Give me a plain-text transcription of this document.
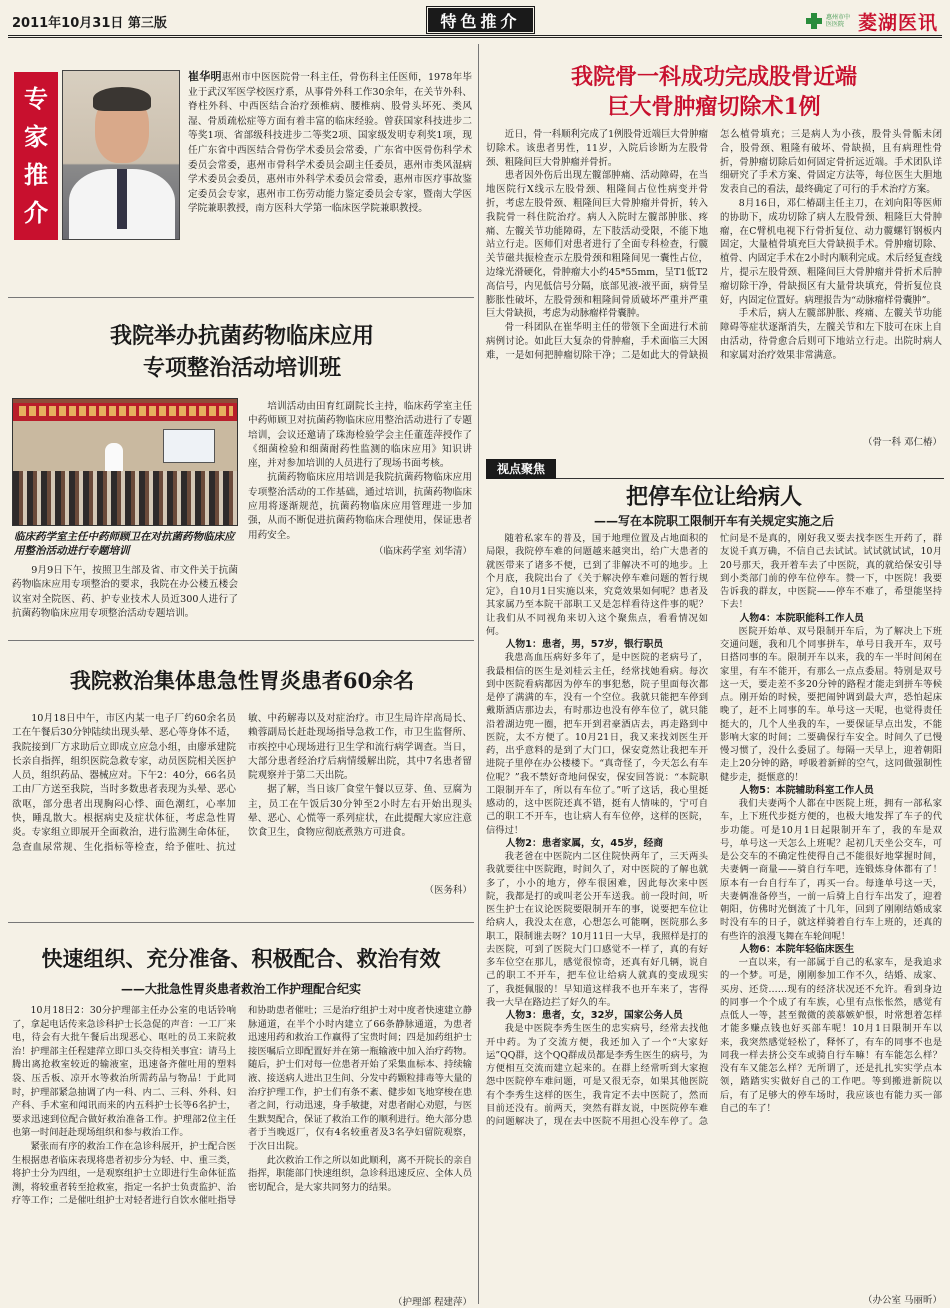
2011年10月31日 第三版	特色推介	惠州市中医医院 菱湖医讯
专
家
推
介
崔华明惠州市中医医院骨一科主任，骨伤科主任医师，1978年毕业于武汉军医学校医疗系，从事骨外科工作30余年，在关节外科、脊柱外科、中西医结合治疗颈椎病、腰椎病、股骨头坏死、类风湿、骨质疏松症等方面有着丰富的临床经验。曾获国家科技进步二等奖1项、省部级科技进步二等奖2项、国家级发明专利奖1项，现任广东省中西医结合骨伤学术委员会常委，广东省中医骨伤科学术委员会常委，惠州市骨科学术委员会副主任委员，惠州市类风湿病学术委员会委员，惠州市外科学术委员会常委，惠州市医疗事故鉴定委员会专家，惠州市工伤劳动能力鉴定委员会专家，暨南大学医学院兼职教授，南方医科大学第一临床医学院兼职教授。
我院举办抗菌药物临床应用
专项整治活动培训班
临床药学室主任中药师顾卫在对抗菌药物临床应用整治活动进行专题培训
9月9日下午，按照卫生部及省、市文件关于抗菌药物临床应用专项整治的要求，我院在办公楼五楼会议室对全院医、药、护专业技术人员近300人进行了抗菌药物临床应用专项整治活动专题培训。

培训活动由田育红副院长主持，临床药学室主任中药师顾卫对抗菌药物临床应用整治活动进行了专题培训，会议还邀请了珠海检验学会主任董莲萍授作了《细菌检验和细菌耐药性监测的临床应用》知识讲座，并对参加培训的人员进行了现场书面考核。

抗菌药物临床应用培训是我院抗菌药物临床应用专项整治活动的工作基础，通过培训，抗菌药物临床应用将逐渐规范，抗菌药物临床应用管理进一步加强，从而不断促进抗菌药物临床合理使用，保证患者用药安全。

（临床药学室 刘华清）
我院救治集体患急性胃炎患者60余名

10月18日中午，市区内某一电子厂约60余名员工在午餐后30分钟陆续出现头晕、恶心等身体不适，我院接到厂方求助后立即成立应急小组，由廖承建院长亲自指挥，组织医院急救专家，动员医院相关医护人员，组织药品、器械应对。下午2：40分，66名员工由厂方送至我院，当时多数患者表现为头晕、恶心欲呕，部分患者出现胸闷心悸、面色潮红，心率加快，睡乱散大。根据病史及症状体征，考虑急性胃炎。专家组立即展开全面救治，进行监测生命体征，急查血尿常规、生化指标等检查，给予催吐、抗过敏、中药解毒以及对症治疗。市卫生局许岸高局长、赖蓉副局长赶赴现场指导急救工作，市卫生监督所、市疾控中心现场进行卫生学和流行病学调查。当日，大部分患者经治疗后病情缓解出院，其中7名患者留院观察并于第二天出院。

据了解，当日该厂食堂午餐以豆芽、鱼、豆腐为主，员工在午饭后30分钟至2小时左右开始出现头晕、恶心、心慌等一系列症状，在此提醒大家应注意饮食卫生，食物应彻底煮熟方可进食。

（医务科）
快速组织、充分准备、积极配合、救治有效
——大批急性胃炎患者救治工作护理配合纪实

10月18日2：30分护理部主任办公室的电话铃响了，拿起电话传来急诊科护士长急促的声音：一工厂来电，待会有大批午餐后出现恶心、呕吐的员工来院救治！护理部主任程建萍立即口头交待相关事宜：请马上腾出离抢救室较近的输液室，迅速备齐催吐用的塑料袋、压舌板、凉开水等救治所需药品与物品！于此同时，护理部紧急抽调了内一科、内二、三科、外科、妇产科、手术室和闻讯而来的内五科护士长等6名护士，要求迅速到位配合做好救治准备工作。护理部2位主任也第一时间赶赴现场组织和参与救治工作。

紧张而有序的救治工作在急诊科展开，护士配合医生根据患者临床表现将患者初步分为轻、中、重三类，将护士分为四组，一是观察组护士立即进行生命体征监测，将较重者转至抢救室，指定一名护士负责监护、治疗等工作；二是催吐组护士对轻者进行自饮水催吐指导和协助患者催吐；三是治疗组护士对中度者快速建立静脉通道，在半个小时内建立了66条静脉通道，为患者迅速用药和救治工作赢得了宝贵时间；四是加药组护士接医嘱后立即配置好并在第一瓶输液中加入治疗药物。随后，护士们对每一位患者开始了采集血标本、持续输液、接送病人进出卫生间、分发中药颗粒排毒等大量的治疗护理工作，护士们有条不紊、健步如飞地穿梭在患者之间，行动迅速，身手敏捷，对患者耐心劝慰，与医生默契配合，保证了救治工作的顺利进行。绝大部分患者于当晚返厂，仅有4名较重者及3名孕妇留院观察，于次日出院。

此次救治工作之所以如此顺利，离不开院长的亲自指挥，职能部门快速组织，急诊科迅速反应、全体人员密切配合，是大家共同努力的结果。

（护理部 程建萍）
我院骨一科成功完成股骨近端
巨大骨肿瘤切除术1例

近日，骨一科顺利完成了1例股骨近端巨大骨肿瘤切除术。该患者男性，11岁，入院后诊断为左股骨颈、粗隆间巨大骨肿瘤并骨折。

患者因外伤后出现左髋部肿痛、活动障碍，在当地医院行X线示左股骨颈、粗隆间占位性病变并骨折，考虑左股骨颈、粗隆间巨大骨肿瘤并骨折，转入我院骨一科住院治疗。病人入院时左髋部肿胀、疼痛、左髋关节功能障碍，左下肢活动受限，不能下地站立行走。医师们对患者进行了全面专科检查，行髋关节磁共振检查示左股骨颈和粗隆间见一囊性占位，边缘光滑硬化，骨肿瘤大小约45*55mm，呈T1低T2高信号，内见低信号分隔，底部见液-液平面，病骨呈膨胀性破坏，左股骨颈和粗隆间骨质破坏严重并严重巨大骨缺损，考虑为动脉瘤样骨囊肿。

骨一科团队在崔华明主任的带领下全面进行术前病例讨论。如此巨大复杂的骨肿瘤，手术面临三大困难，一是如何把肿瘤切除干净；二是如此大的骨缺损怎么植骨填充；三是病人为小孩，股骨头骨骺未闭合，股骨颈、粗隆有破坏、骨缺损，且有病理性骨折，骨肿瘤切除后如何固定骨折远近端。手术团队详细研究了手术方案、骨固定方法等，每位医生大胆地发表自己的看法，最终确定了可行的手术治疗方案。

8月16日，邓仁椿副主任主刀，在刘向阳等医师的协助下，成功切除了病人左股骨颈、粗隆巨大骨肿瘤，在C臂机电视下行骨折复位、动力髋螺钉钢板内固定，大量植骨填充巨大骨缺损手术。骨肿瘤切除、植骨、内固定手术在2小时内顺利完成。术后经复查线片，提示左股骨颈、粗隆间巨大骨肿瘤并骨折术后肿瘤切除干净，骨缺损区有大量骨块填充，骨折复位良好，内固定位置好。病理报告为“动脉瘤样骨囊肿”。

手术后，病人左髋部肿胀、疼痛、左髋关节功能障碍等症状逐渐消失，左髋关节和左下肢可在床上自由活动，待骨愈合后则可下地站立行走。出院时病人和家属对治疗效果非常满意。

（骨一科 邓仁椿）
视点聚焦
把停车位让给病人
——写在本院职工限制开车有关规定实施之后

随着私家车的普及，国于地理位置及占地面积的局限，我院停车难的问题越来越突出，给广大患者的就医带来了诸多不便，已到了非解决不可的地步。上个月底，我院出台了《关于解决停车难问题的暂行规定》，自10月1日实施以来，究竟效果如何呢？患者及其家属乃至本院干部职工又是怎样看待这件事的呢？让我们从不同视角来切入这个聚焦点，看看情况如何。

人物1：患者，男，57岁，银行职员

我患高血压病好多年了，是中医院的老病号了，我最相信的医生是刘桂云主任，经常找她看病。每次到中医院看病都因为停车的事犯愁，院子里面每次都是停了满满的车，没有一个空位。我就只能把车停到戴斯酒店那边去，有时那边也没有停车位了，就只能沿着湖边兜一圈，把车开到君豪酒店去，再走路到中医院，太不方便了。10月21日，我又来找刘医生开药，出乎意料的是到了大门口，保安竟然让我把车开进院子里停在办公楼楼下。“真奇怪了，今天怎么有车位呢？”我不禁好奇地问保安，保安回答说：“本院职工限制开车了，所以有车位了。”听了这话，我心里挺感动的，这中医院还真不错，挺有人情味的，宁可自己的职工不开车，也让病人有车位停，这样的医院，信得过！

人物2：患者家属，女，45岁，经商

我老爸在中医院内二区住院快两年了，三天两头我就要往中医院跑，时间久了，对中医院的了解也就多了，小小的地方，停车很困难，因此每次来中医院，我都是打的或叫老公开车送我。前一段时间，听医生护士在议论医院要限制开车的事，说要把车位让给病人，我没太在意，心想怎么可能啊，医院那么多职工，限制谁去呀？10月11日一大早，我照样是打的去医院，可到了医院大门口感觉不一样了，真的有好多车位空在那儿，感觉很惊奇，还真有好几辆，说自己的职工不开车，把车位让给病人就真的变成现实了，我挺佩服的！早知道这样我不也开车来了，害得我一大早在路边拦了好久的车。

人物3：患者，女，32岁，国家公务人员

我是中医院李秀生医生的忠实病号，经常去找他开中药。为了交流方便，我还加入了一个“大家好运”QQ群，这个QQ群成员都是李秀生医生的病号，为方便相互交流而建立起来的。在群上经常听到大家抱怨中医院停车难问题，可是又很无奈，如果其他医院有个李秀生这样的医生，我肯定不去中医院了，然而目前还没有。前两天，突然有群友说，中医院停车难的问题解决了，现在去中医院不用担心没车停了。急忙问是不是真的，刚好我又要去找李医生开药了，群友说千真万确，不信自己去试试。试试就试试，10月20号那天，我开着车去了中医院，真的就给保安引导到小类部门前的停车位停车。赞一下，中医院！我要告诉我的群友，中医院——停车不难了，希望能坚持下去！

人物4：本院职能科工作人员

医院开始单、双号限制开车后，为了解决上下班交通问题，我和几个同事拼车，单号日我开车，双号日搭同事的车。限制开车以来，我的车一半时间闲在家里，有车不能开，有那么一点点委屈。特别是双号这一天，要走差不多20分钟的路程才能走到拼车等候点。刚开始的时候，要把闹钟调到最大声，恐怕起床晚了，赶不上同事的车。单号这一天呢，也觉得责任挺大的，几个人坐我的车，一要保证早点出发，不能影响大家的时间；二要确保行车安全。时间久了已慢慢习惯了，没什么委屈了。每隔一天早上，迎着朝阳走上20分钟的路，呼吸着新鲜的空气，这同做强制性健步走，挺惬意的！

人物5：本院辅助科室工作人员

我们夫妻两个人都在中医院上班，拥有一部私家车，上下班代步挺方便的，也极大地发挥了车子的代步功能。可是10月1日起限制开车了，我的车是双号，单号这一天怎么上班呢？起初几天坐公交车，可是公交车的不确定性使得自己不能很好地掌握时间，夫妻俩一商量——骑自行车吧，连锻炼身体都有了！原本有一台自行车了，再买一台。每逢单号这一天，夫妻俩准备停当，一前一后骑上自行车出发了，迎着朝阳，仿佛时光倒流了十几年，回到了刚刚结婚成家时没有车的日子，就这样骑着自行车上班的，还真的有些许的浪漫飞舞在车轮间呢！

人物6：本院年轻临床医生

一直以来，有一部属于自己的私家车，是我追求的一个梦。可是，刚刚参加工作不久，结婚、成家、买房、还贷……现有的经济状况还不允许。看到身边的同事一个个成了有车族，心里有点怅怅然，感觉有点低人一等，甚至微微的羡慕嫉妒恨，时常想着怎样才能多赚点钱也好买部车呢！10月1日限制开车以来，我突然感觉轻松了，释怀了，有车的同事不也是同我一样去挤公交车或骑自行车嘛！有车能怎么样？没有车又能怎么样？无所谓了，还是扎扎实实学点本领，踏踏实实做好自己的工作吧。等到搬进新院以后，有了足够大的停车场时，我应该也有能力买一部自己的车了！

（办公室 马丽昕）
